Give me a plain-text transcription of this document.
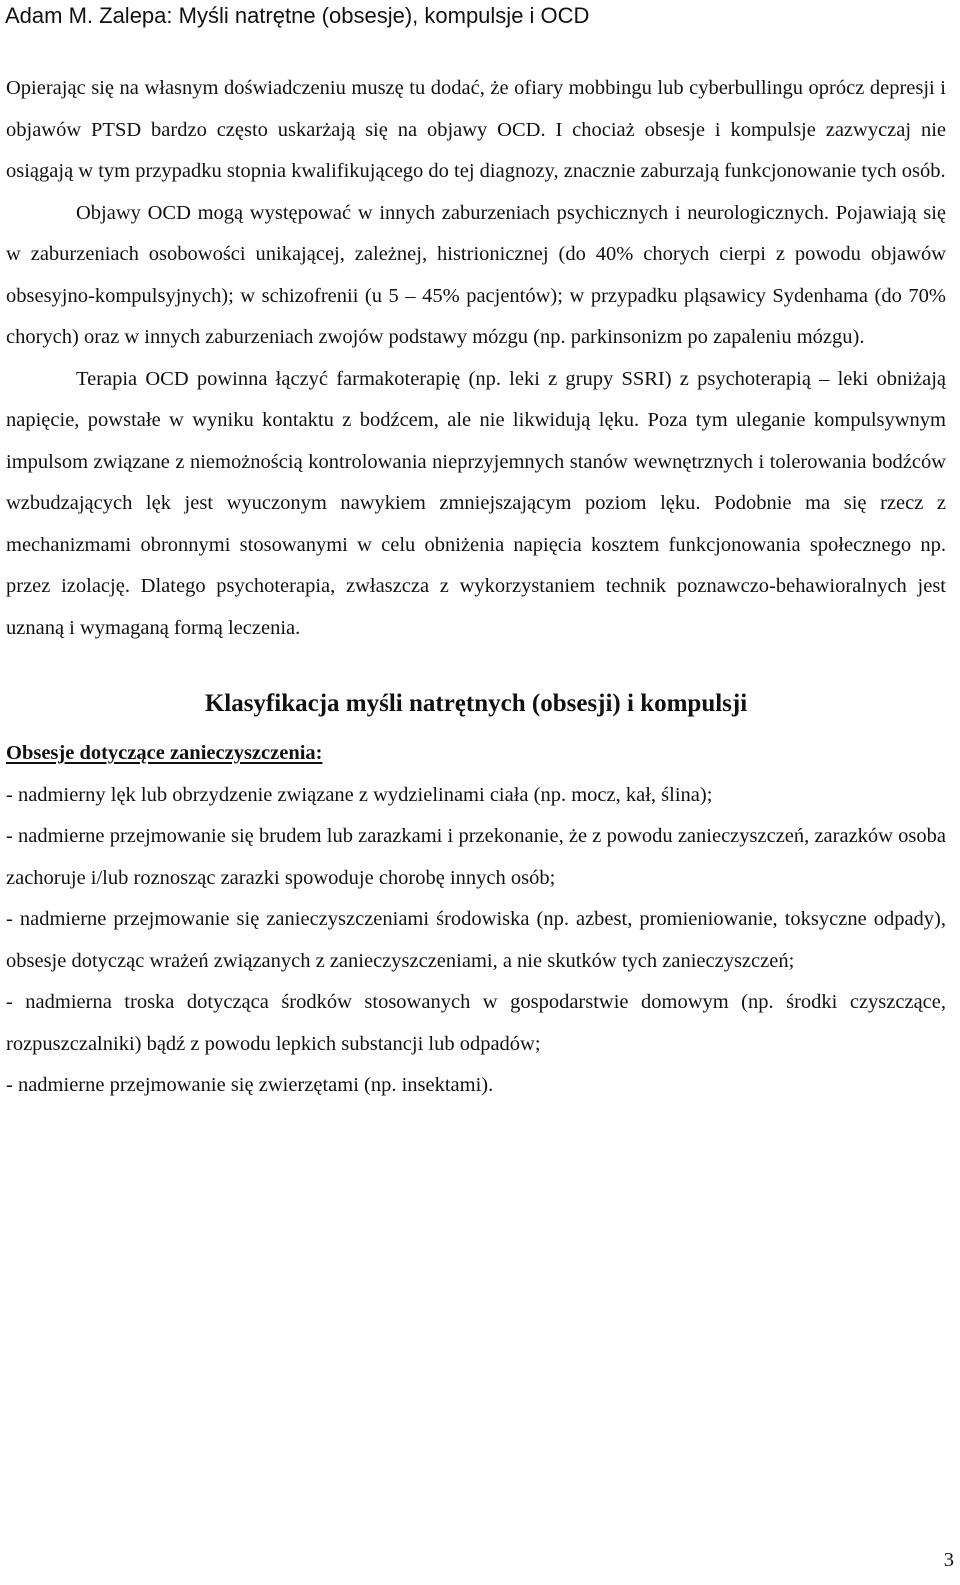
Adam M. Zalepa: Myśli natrętne (obsesje), kompulsje i OCD

Opierając się na własnym doświadczeniu muszę tu dodać, że ofiary mobbingu lub cyberbullingu oprócz depresji i objawów PTSD bardzo często uskarżają się na objawy OCD. I chociaż obsesje i kompulsje zazwyczaj nie osiągają w tym przypadku stopnia kwalifikującego do tej diagnozy, znacznie zaburzają funkcjonowanie tych osób.

Objawy OCD mogą występować w innych zaburzeniach psychicznych i neurologicznych. Pojawiają się w zaburzeniach osobowości unikającej, zależnej, histrionicznej (do 40% chorych cierpi z powodu objawów obsesyjno-kompulsyjnych); w schizofrenii (u 5 – 45% pacjentów); w przypadku pląsawicy Sydenhama (do 70% chorych) oraz w innych zaburzeniach zwojów podstawy mózgu (np. parkinsonizm po zapaleniu mózgu).

Terapia OCD powinna łączyć farmakoterapię (np. leki z grupy SSRI) z psychoterapią – leki obniżają napięcie, powstałe w wyniku kontaktu z bodźcem, ale nie likwidują lęku. Poza tym uleganie kompulsywnym impulsom związane z niemożnością kontrolowania nieprzyjemnych stanów wewnętrznych i tolerowania bodźców wzbudzających lęk jest wyuczonym nawykiem zmniejszającym poziom lęku. Podobnie ma się rzecz z mechanizmami obronnymi stosowanymi w celu obniżenia napięcia kosztem funkcjonowania społecznego np. przez izolację. Dlatego psychoterapia, zwłaszcza z wykorzystaniem technik poznawczo-behawioralnych jest uznaną i wymaganą formą leczenia.

Klasyfikacja myśli natrętnych (obsesji) i kompulsji

Obsesje dotyczące zanieczyszczenia:

- nadmierny lęk lub obrzydzenie związane z wydzielinami ciała (np. mocz, kał, ślina);

- nadmierne przejmowanie się brudem lub zarazkami i przekonanie, że z powodu zanieczyszczeń, zarazków osoba zachoruje i/lub roznosząc zarazki spowoduje chorobę innych osób;

- nadmierne przejmowanie się zanieczyszczeniami środowiska (np. azbest, promieniowanie, toksyczne odpady), obsesje dotycząc wrażeń związanych z zanieczyszczeniami, a nie skutków tych zanieczyszczeń;

- nadmierna troska dotycząca środków stosowanych w gospodarstwie domowym (np. środki czyszczące, rozpuszczalniki) bądź z powodu lepkich substancji lub odpadów;

- nadmierne przejmowanie się zwierzętami (np. insektami).

3
